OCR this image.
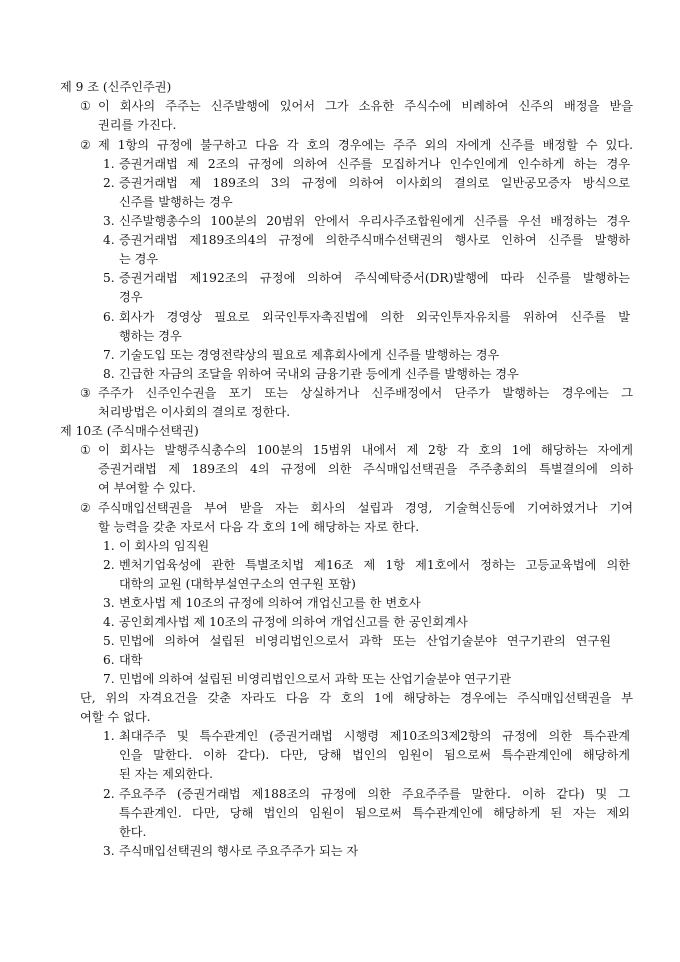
제 9 조 (신주인주권)
① 이 회사의 주주는 신주발행에 있어서 그가 소유한 주식수에 비례하여 신주의 배정을 받을
권리를 가진다.
② 제 1항의 규정에 불구하고 다음 각 호의 경우에는 주주 외의 자에게 신주를 배정할 수 있다.
1. 증권거래법 제 2조의 규정에 의하여 신주를 모집하거나 인수인에게 인수하게 하는 경우
2. 증권거래법 제 189조의 3의 규정에 의하여 이사회의 결의로 일반공모증자 방식으로
신주를 발행하는 경우
3. 신주발행총수의 100분의 20범위 안에서 우리사주조합원에게 신주를 우선 배정하는 경우
4. 증권거래법 제189조의4의 규정에 의한주식매수선택권의 행사로 인하여 신주를 발행하
는 경우
5. 증권거래법 제192조의 규정에 의하여 주식예탁증서(DR)발행에 따라 신주를 발행하는
경우
6. 회사가 경영상 필요로 외국인투자촉진법에 의한 외국인투자유치를 위하여 신주를 발
행하는 경우
7. 기술도입 또는 경영전략상의 필요로 제휴회사에게 신주를 발행하는 경우
8. 긴급한 자금의 조달을 위하여 국내외 금융기관 등에게 신주를 발행하는 경우
③ 주주가 신주인수권을 포기 또는 상실하거나 신주배정에서 단주가 발행하는 경우에는 그
처리방법은 이사회의 결의로 정한다.
제 10조 (주식매수선택권)
① 이 회사는 발행주식총수의 100분의 15범위 내에서 제 2항 각 호의 1에 해당하는 자에게
증권거래법 제 189조의 4의 규정에 의한 주식매입선택권을 주주총회의 특별결의에 의하
여 부여할 수 있다.
② 주식매입선택권을 부여 받을 자는 회사의 설립과 경영, 기술혁신등에 기여하였거나 기여
할 능력을 갖춘 자로서 다음 각 호의 1에 해당하는 자로 한다.
1. 이 회사의 임직원
2. 벤처기업육성에 관한 특별조치법 제16조 제 1항 제1호에서 정하는 고등교육법에 의한
대학의 교원 (대학부설연구소의 연구원 포함)
3. 변호사법 제 10조의 규정에 의하여 개업신고를 한 변호사
4. 공인회계사법 제 10조의 규정에 의하여 개업신고를 한 공인회계사
5. 민법에 의하여 설립된 비영리법인으로서 과학 또는 산업기술분야 연구기관의 연구원
6. 대학
7. 민법에 의하여 설립된 비영리법인으로서 과학 또는 산업기술분야 연구기관
단, 위의 자격요건을 갖춘 자라도 다음 각 호의 1에 해당하는 경우에는 주식매입선택권을 부
여할 수 없다.
1. 최대주주 및 특수관계인 (증권거래법 시행령 제10조의3제2항의 규정에 의한 특수관계
인을 말한다. 이하 같다). 다만, 당해 법인의 임원이 됨으로써 특수관계인에 해당하게
된 자는 제외한다.
2. 주요주주 (증권거래법 제188조의 규정에 의한 주요주주를 말한다. 이하 같다) 및 그
특수관계인. 다만, 당해 법인의 임원이 됨으로써 특수관계인에 해당하게 된 자는 제외
한다.
3. 주식매입선택권의 행사로 주요주주가 되는 자
